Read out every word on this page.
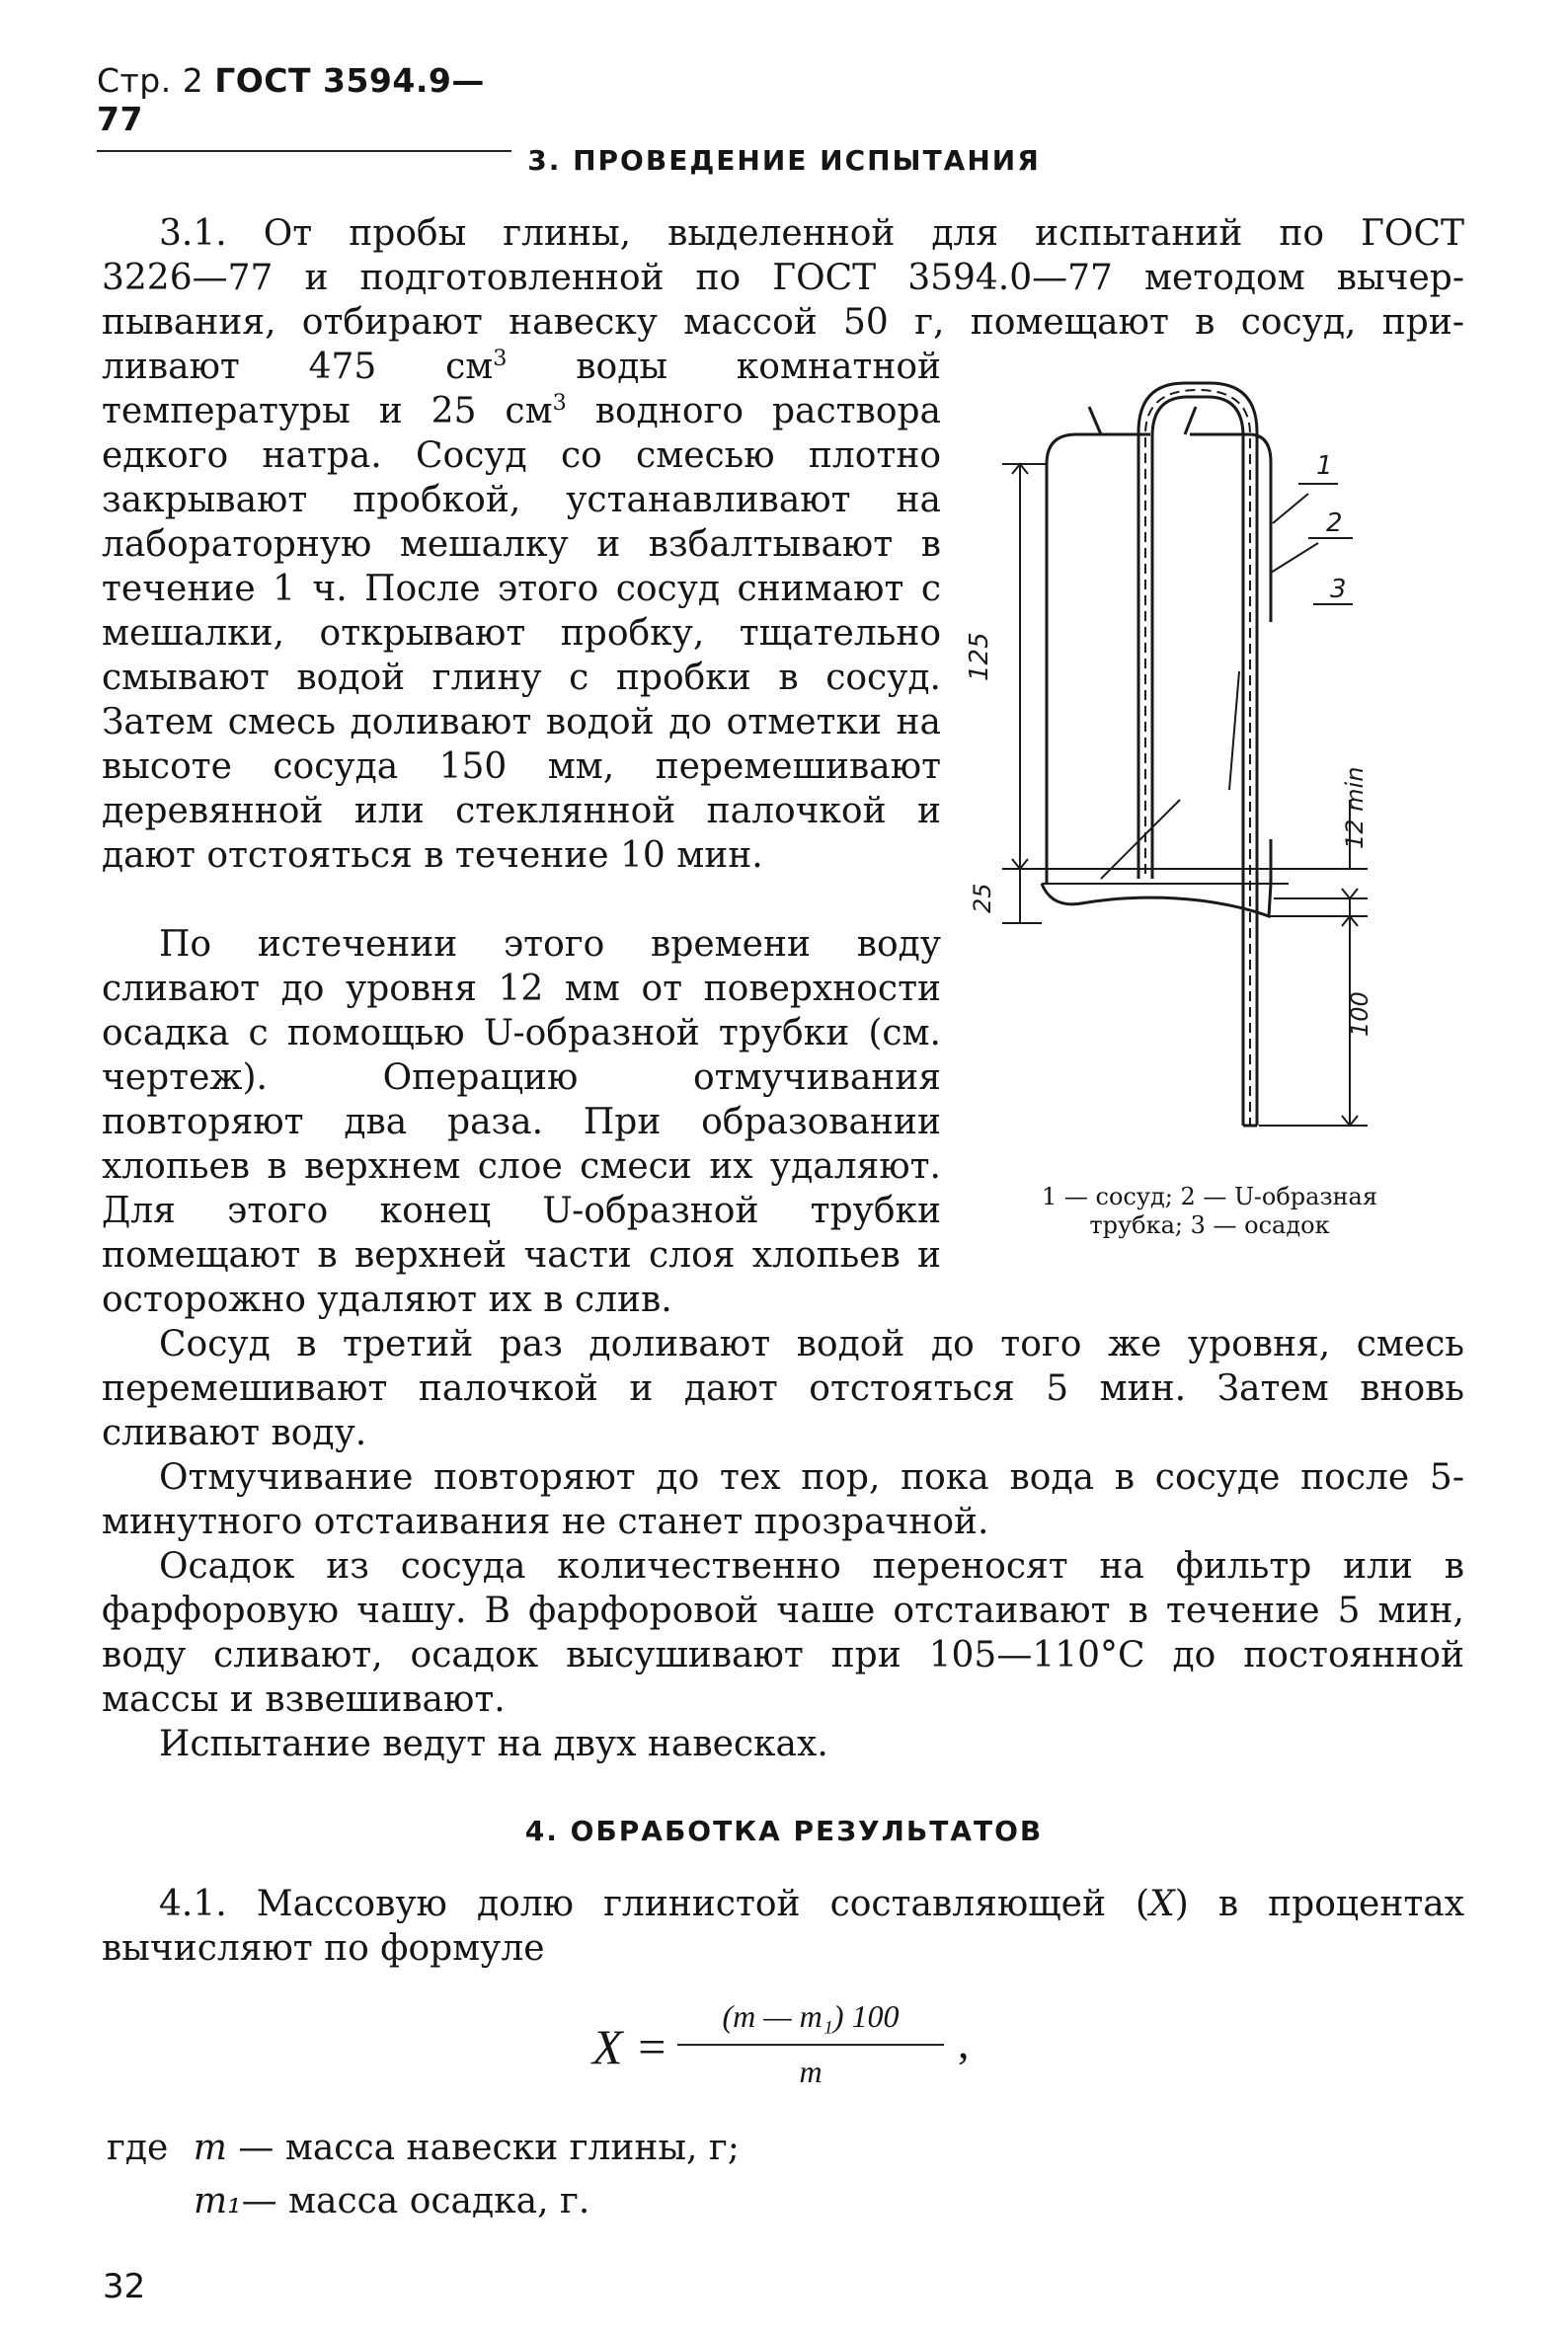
Стр. 2 ГОСТ 3594.9—77
3. ПРОВЕДЕНИЕ ИСПЫТАНИЯ
3.1. От пробы глины, выделенной для испытаний по ГОСТ
3226—77 и подготовленной по ГОСТ 3594.0—77 методом вычер-
пывания, отбирают навеску массой 50 г, помещают в сосуд, при-
ливают 475 $см^3$ воды комнатной температуры и 25 $см^3$ водного раствора едкого натра. Сосуд со смесью плотно закрывают пробкой, устанавливают на лабораторную мешалку и взбалтывают в течение 1 ч. После этого сосуд снимают с мешалки, открывают пробку, тщательно смывают водой глину с пробки в сосуд. Затем смесь доливают водой до отметки на высоте сосуда 150 мм, перемешивают деревянной или стеклянной палочкой и дают отстояться в течение 10 мин.
По истечении этого времени воду сливают до уровня 12 мм от поверхности осадка с помощью U-образной трубки (см. чертеж). Операцию отмучивания повторяют два раза. При образовании хлопьев в верхнем слое смеси их удаляют. Для этого конец U-образной трубки помещают в верхней части слоя хлопьев и осторожно удаляют их в слив.
Сосуд в третий раз доливают водой до того же уровня, смесь перемешивают палочкой и дают отстояться 5 мин. Затем вновь сливают воду.
Отмучивание повторяют до тех пор, пока вода в сосуде после 5-минутного отстаивания не станет прозрачной.
Осадок из сосуда количественно переносят на фильтр или в фарфоровую чашу. В фарфоровой чаше отстаивают в течение 5 мин, воду сливают, осадок высушивают при 105—110°С до постоянной массы и взвешивают.
Испытание ведут на двух навесках.
125
25
12 min
100
1
2
3
1 — сосуд; 2 — U-образная
трубка; 3 — осадок
4. ОБРАБОТКА РЕЗУЛЬТАТОВ
4.1. Массовую долю глинистой составляющей (X) в процентах вычисляют по формуле
X =
(m — m₁) 100
m
,
где m — масса навески глины, г;
m₁— масса осадка, г.
32
